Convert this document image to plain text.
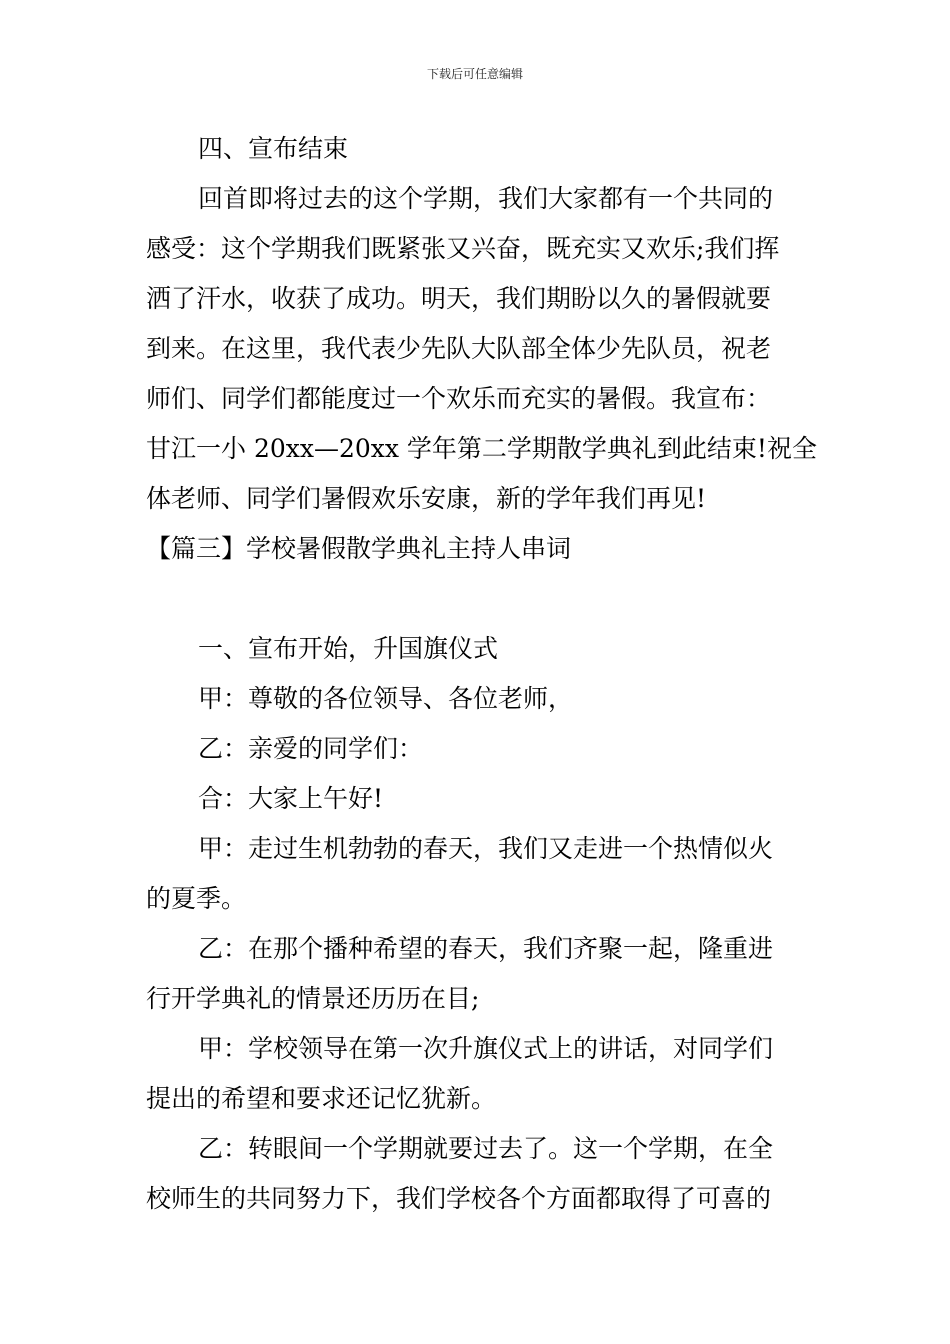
下载后可任意编辑
四、宣布结束
回首即将过去的这个学期，我们大家都有一个共同的
感受：这个学期我们既紧张又兴奋，既充实又欢乐;我们挥
洒了汗水，收获了成功。明天，我们期盼以久的暑假就要
到来。在这里，我代表少先队大队部全体少先队员，祝老
师们、同学们都能度过一个欢乐而充实的暑假。我宣布：
甘江一小 20xx—20xx 学年第二学期散学典礼到此结束!祝全
体老师、同学们暑假欢乐安康，新的学年我们再见!
【篇三】学校暑假散学典礼主持人串词
一、宣布开始，升国旗仪式
甲：尊敬的各位领导、各位老师，
乙：亲爱的同学们：
合：大家上午好!
甲：走过生机勃勃的春天，我们又走进一个热情似火
的夏季。
乙：在那个播种希望的春天，我们齐聚一起，隆重进
行开学典礼的情景还历历在目;
甲：学校领导在第一次升旗仪式上的讲话，对同学们
提出的希望和要求还记忆犹新。
乙：转眼间一个学期就要过去了。这一个学期，在全
校师生的共同努力下，我们学校各个方面都取得了可喜的
